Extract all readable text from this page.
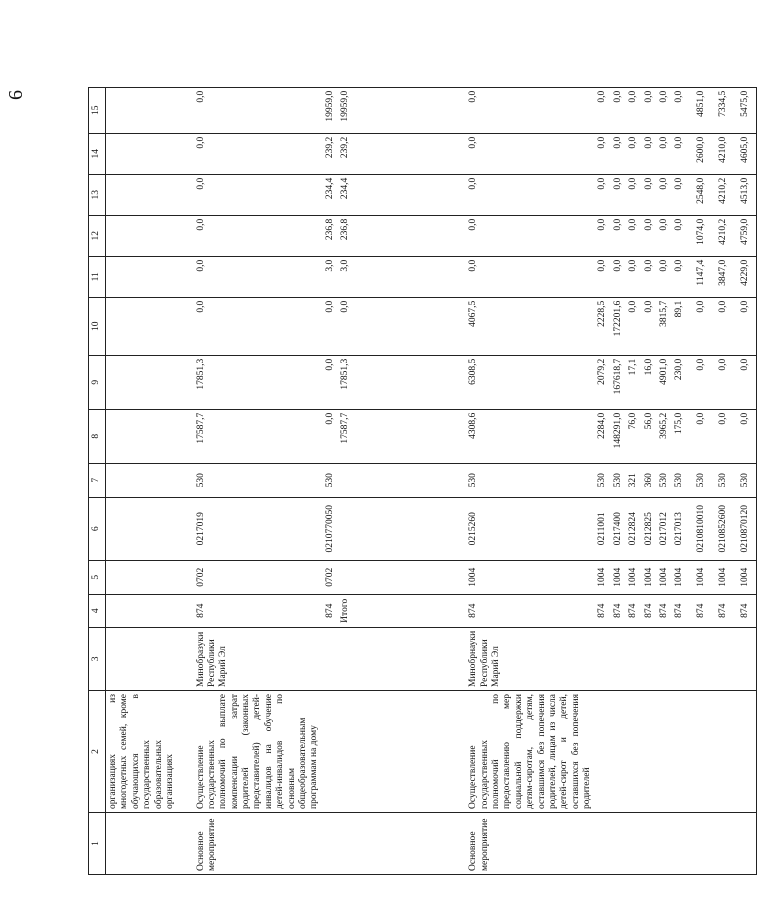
6
1	2	3	4	5	6	7	8	9	10	11	12	13	14	15
	организациях из многодетных семей, кроме обучающихся в государственных образовательных организациях													
Основное мероприятие	Осуществление государственных полномочий по выплате компенсации затрат родителей (законных представителей) детей-инвалидов на обучение детей-инвалидов по основным общеобразовательным программам на дому	Минобразуки Республики Марий Эл	874	0702	0217019	530	17587,7	17851,3	0,0	0,0	0,0	0,0	0,0	0,0
			874	0702	0210770050	530	0,0	0,0	0,0	3,0	236,8	234,4	239,2	19959,0
			Итого				17587,7	17851,3	0,0	3,0	236,8	234,4	239,2	19959,0
Основное мероприятие	Осуществление государственных полномочий по предоставлению мер социальной поддержки детям-сиротам, детям, оставшимся без попечения родителей, лицам из числа детей-сирот и детей, оставшихся без попечения родителей	Минобрнауки Республики Марий Эл	874	1004	0215260	530	4308,6	6308,5	4067,5	0,0	0,0	0,0	0,0	0,0
			874	1004	0211001	530	2284,0	2079,2	2228,5	0,0	0,0	0,0	0,0	0,0
			874	1004	0217400	530	148291,0	167618,7	172201,6	0,0	0,0	0,0	0,0	0,0
			874	1004	0212824	321	76,0	17,1	0,0	0,0	0,0	0,0	0,0	0,0
			874	1004	0212825	360	56,0	16,0	0,0	0,0	0,0	0,0	0,0	0,0
			874	1004	0217012	530	3965,2	4901,0	3815,7	0,0	0,0	0,0	0,0	0,0
			874	1004	0217013	530	175,0	230,0	89,1	0,0	0,0	0,0	0,0	0,0
			874	1004	0210810010	530	0,0	0,0	0,0	1147,4	1074,0	2548,0	2600,0	4851,0
			874	1004	0210852600	530	0,0	0,0	0,0	3847,0	4210,2	4210,2	4210,0	7334,5
			874	1004	0210870120	530	0,0	0,0	0,0	4229,0	4759,0	4513,0	4605,0	5475,0
